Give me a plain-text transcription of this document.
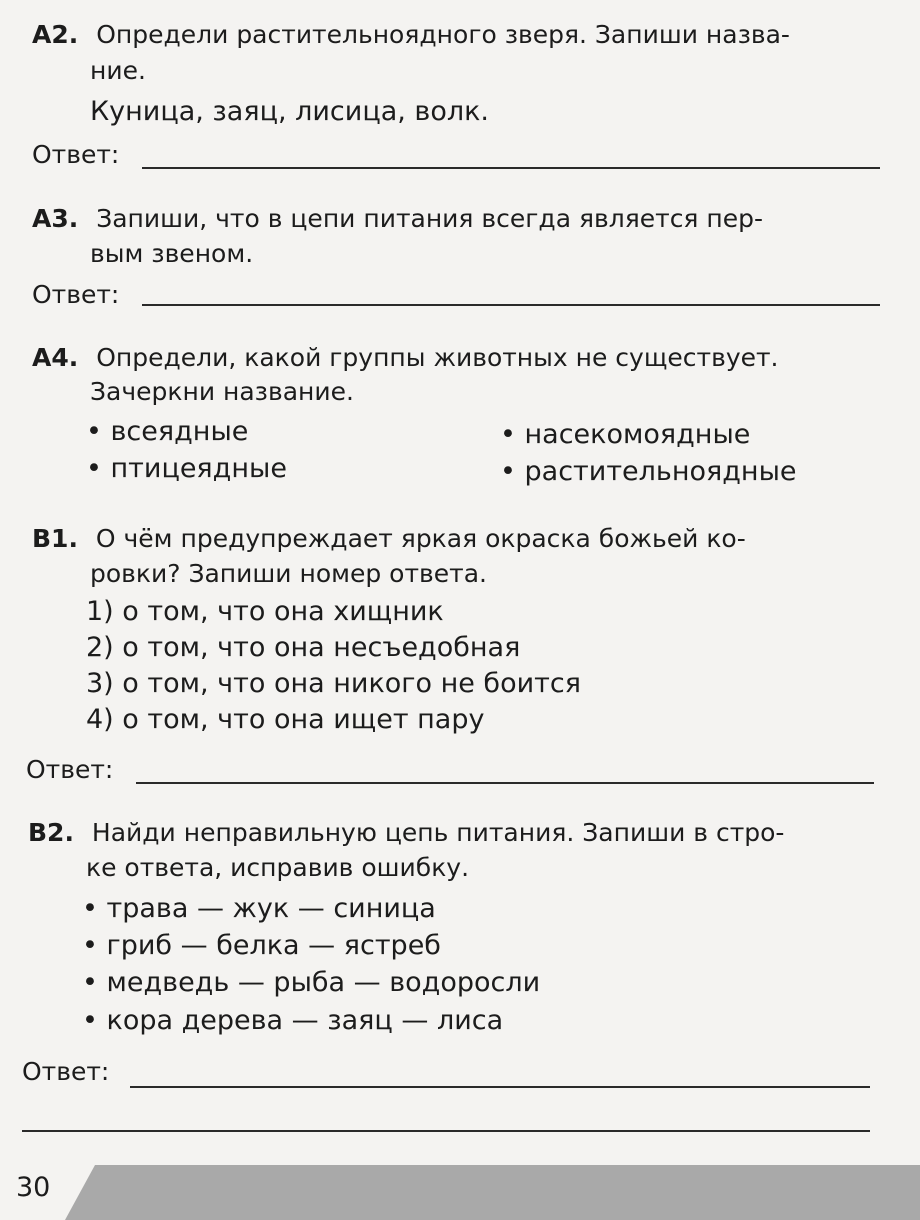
A2. Определи растительноядного зверя. Запиши назва-
ние.
Куница, заяц, лисица, волк.
Ответ:
A3. Запиши, что в цепи питания всегда является пер-
вым звеном.
Ответ:
A4. Определи, какой группы животных не существует.
Зачеркни название.
• всеядные	• насекомоядные
• птицеядные	• растительноядные
B1. О чём предупреждает яркая окраска божьей ко-
ровки? Запиши номер ответа.
1) о том, что она хищник
2) о том, что она несъедобная
3) о том, что она никого не боится
4) о том, что она ищет пару
Ответ:
B2. Найди неправильную цепь питания. Запиши в стро-
ке ответа, исправив ошибку.
• трава — жук — синица
• гриб — белка — ястреб
• медведь — рыба — водоросли
• кора дерева — заяц — лиса
Ответ:
30
